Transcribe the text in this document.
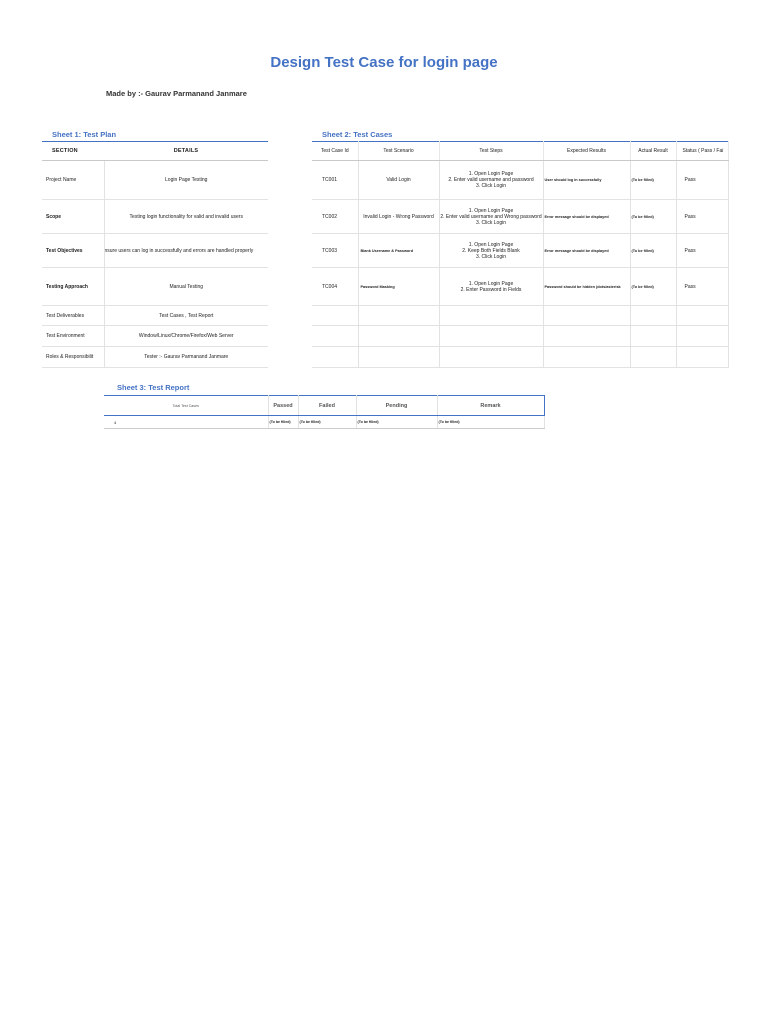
Design Test Case for login page
Made by :- Gaurav Parmanand Janmare
Sheet 1: Test Plan
SECTION	DETAILS
Project Name	Login Page Testing
Scope	Testing login functionality for valid and invalid users
Test Objectives	nsure users can log in successfully and errors are handled properly
Testing Approach	Manual Testing
Test Deliverables	Test Cases , Test Report
Test Environment	Window/Linux/Chrome/Firefox/Web Server
Roles & Responsibilit	Tester :- Gaurav Parmanand Janmare
Sheet 2: Test Cases
Test Case Id	Test Scenario	Test Steps	Expected Results	Actual Result	Status ( Pass / Fai
TC001	Valid Login	1. Open Login Page
2. Enter valid username and password
3. Click Login	User should log in successfully	(To be filled)	Pass
TC002	Invalid Login - Wrong Password	1. Open Login Page
2. Enter valid username and Wrong password
3. Click Login	Error message should be displayed	(To be filled)	Pass
TC003	Blank Username & Password	1. Open Login Page
2. Keep Both Fields Blank
3. Click Login	Error message should be displayed	(To be filled)	Pass
TC004	Password Masking	1. Open Login Page
2. Enter Password in Fields	Password should be hidden (dots/asterisk	(To be filled)	Pass

Sheet 3: Test Report
Total Test Cases	Passed	Failed	Pending	Remark
4	(To be filled)	(To be filled)	(To be filled)	(To be filled)
